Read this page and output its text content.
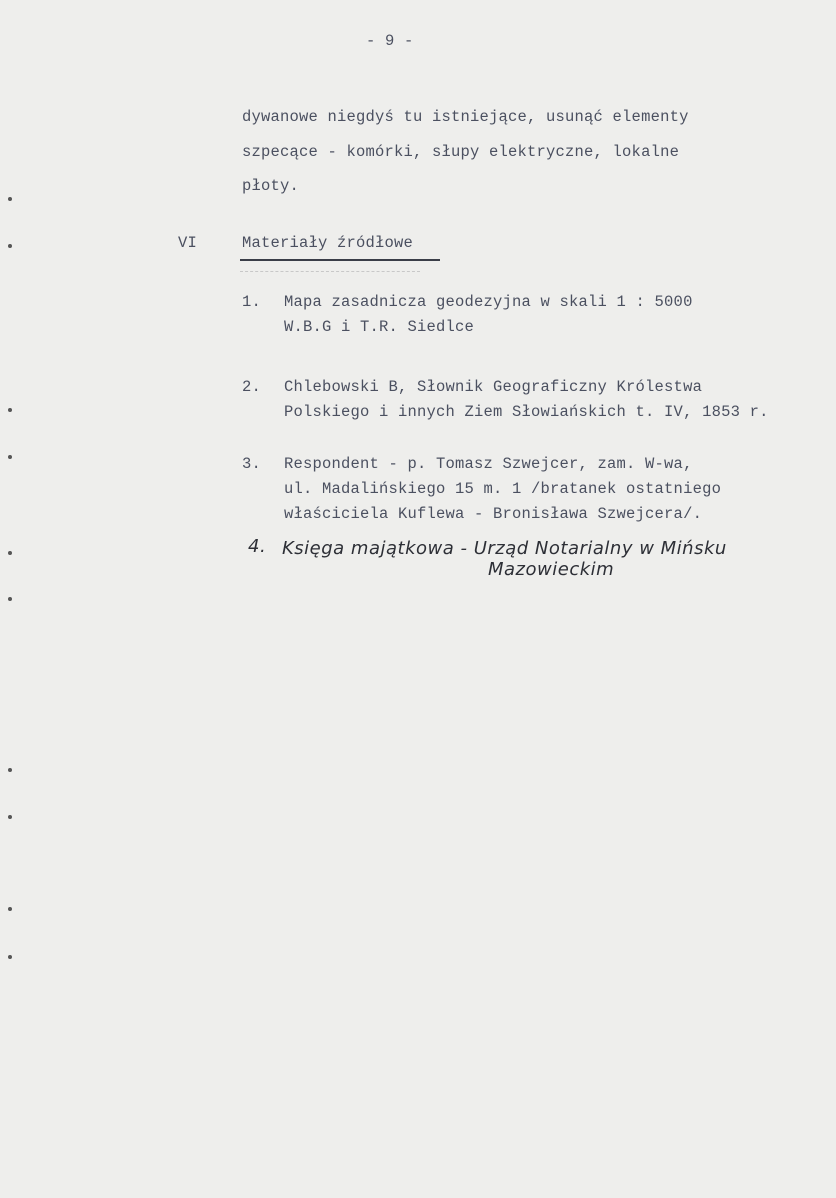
- 9 -
dywanowe niegdyś tu istniejące, usunąć elementy
szpecące - komórki, słupy elektryczne, lokalne
płoty.
VI	Materiały źródłowe
1. Mapa zasadnicza geodezyjna w skali 1 : 5000
W.B.G i T.R. Siedlce
2. Chlebowski B, Słownik Geograficzny Królestwa
Polskiego i innych Ziem Słowiańskich t. IV, 1853 r.
3. Respondent - p. Tomasz Szwejcer, zam. W-wa,
ul. Madalińskiego 15 m. 1 /bratanek ostatniego
właściciela Kuflewa - Bronisława Szwejcera/.
4. Księga majątkowa - Urząd Notarialny w Mińsku
Mazowieckim
